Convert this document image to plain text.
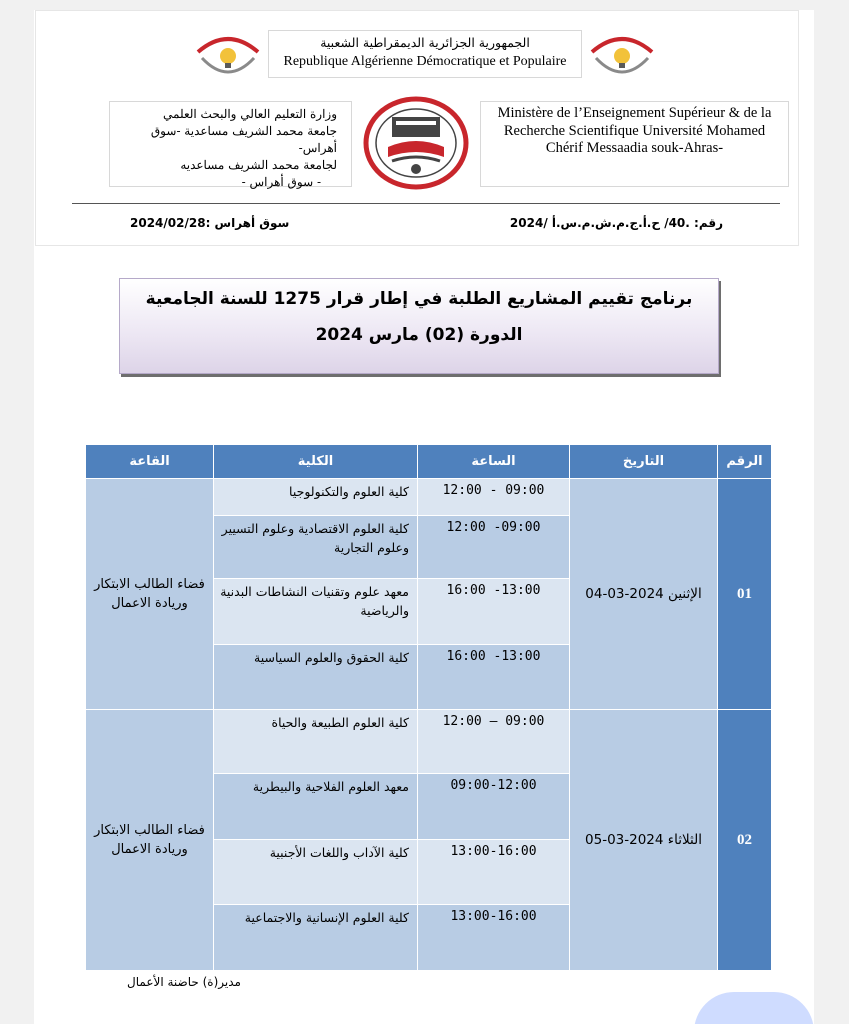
الجمهورية الجزائرية الديمقراطية الشعبية
Republique Algérienne Démocratique et Populaire
وزارة التعليم العالي والبحث العلمي
جامعة محمد الشريف مساعدية -سوق أهراس-
لجامعة محمد الشريف مساعديه
- سوق أهراس -
Ministère de l’Enseignement Supérieur & de la Recherche Scientifique Université Mohamed Chérif Messaadia souk-Ahras-
رقم: .40/ ح.أ.ج.م.ش.م.س.أ /2024
سوق أهراس :2024/02/28
برنامج تقييم المشاريع الطلبة في إطار قرار 1275 للسنة الجامعية
الدورة (02) مارس 2024
الرقم	التاريخ	الساعة	الكلية	القاعة
01	الإثنين 2024-03-04	09:00 - 12:00	كلية العلوم والتكنولوجيا	فضاء الطالب الابتكار وريادة الاعمال
		09:00- 12:00	كلية العلوم الاقتصادية وعلوم التسيير وعلوم التجارية	
		13:00- 16:00	معهد علوم وتقنيات النشاطات البدنية والرياضية	
		13:00- 16:00	كلية الحقوق والعلوم السياسية	
02	الثلاثاء 2024-03-05	09:00 – 12:00	كلية العلوم الطبيعة والحياة	فضاء الطالب الابتكار وريادة الاعمال
		09:00-12:00	معهد العلوم الفلاحية والبيطرية	
		13:00-16:00	كلية الآداب واللغات الأجنبية	
		13:00-16:00	كلية العلوم الإنسانية والاجتماعية	
مدير(ة) حاضنة الأعمال
